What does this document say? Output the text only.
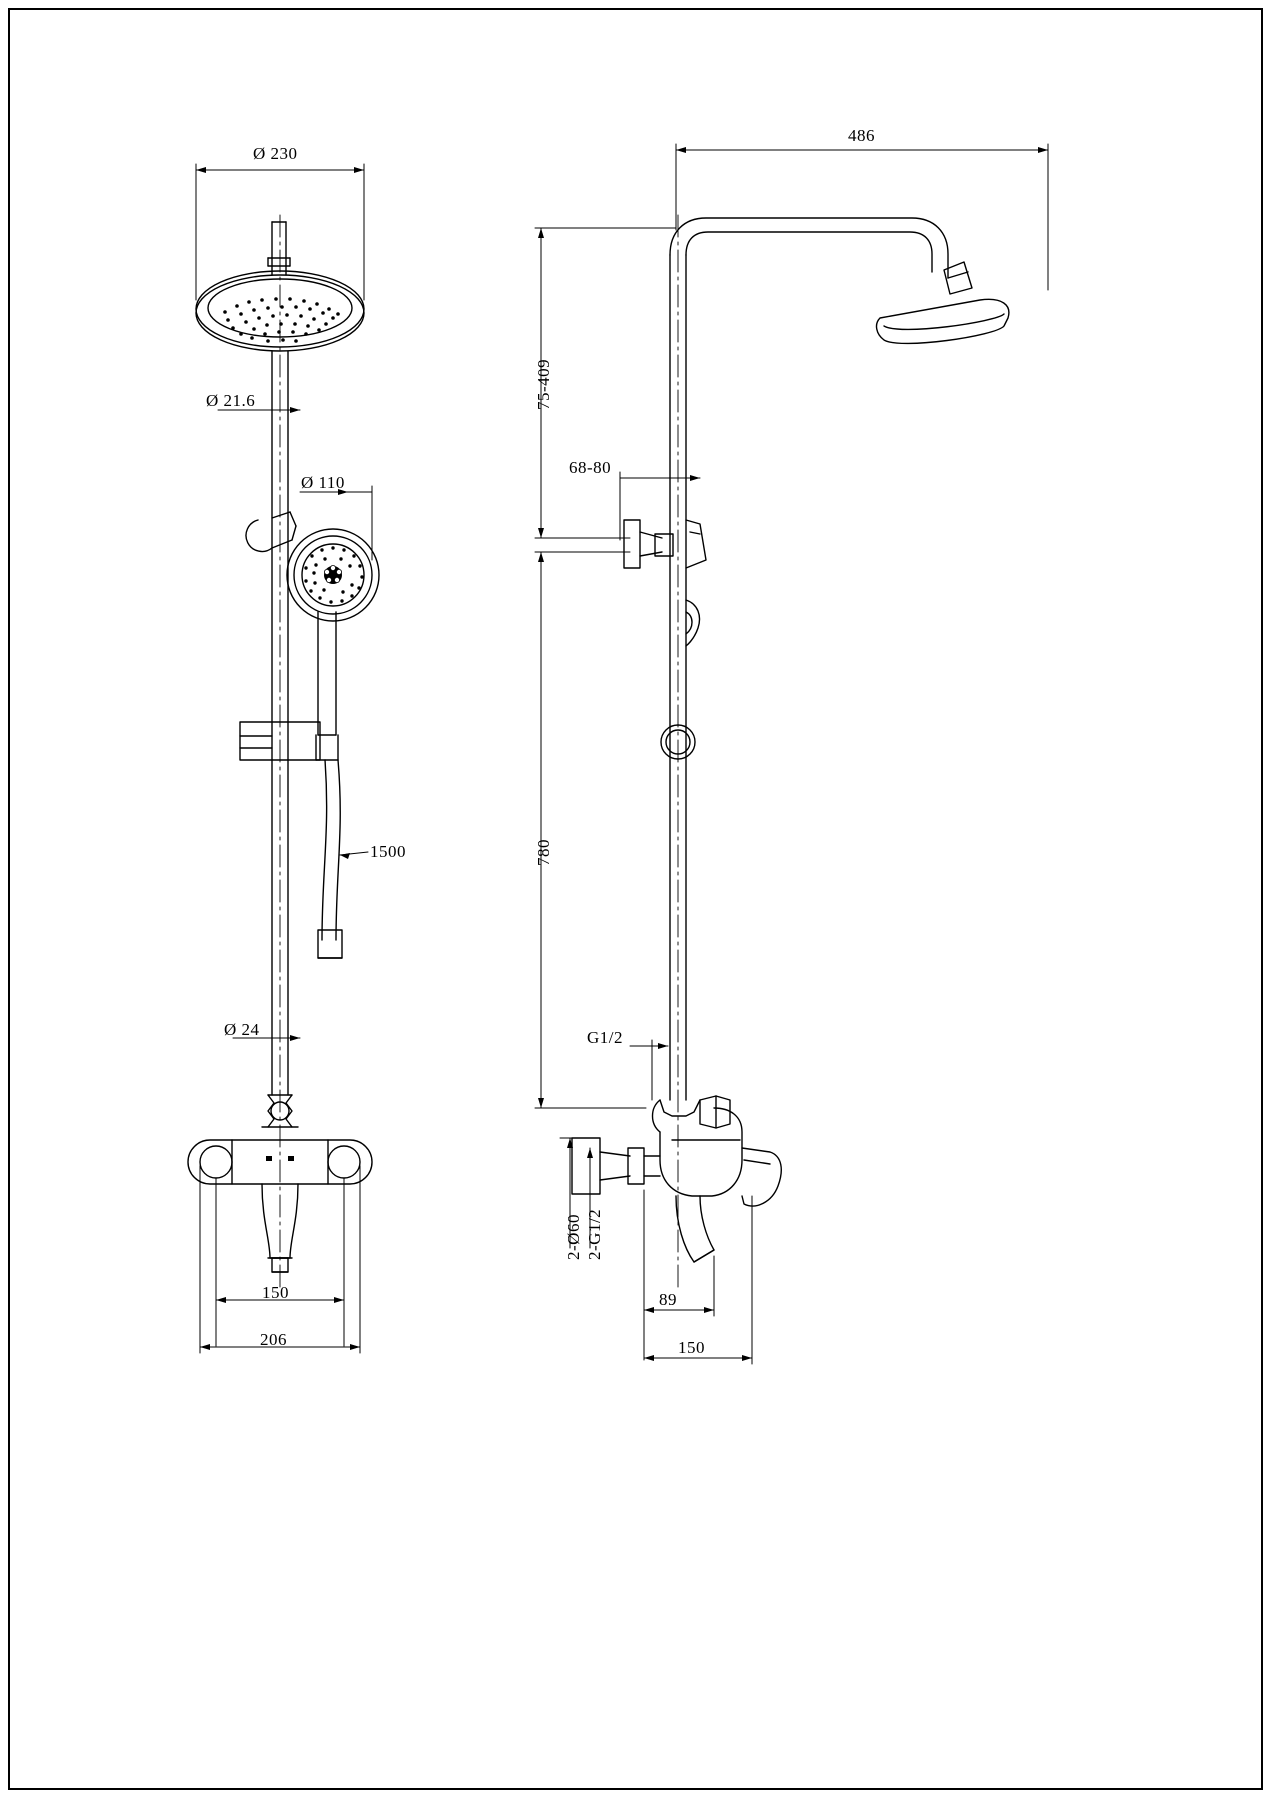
Ø 230
Ø 21.6
Ø 110
1500
Ø 24
150
206
486
75-409
780
68-80
G1/2
2-Ø60 2-G1/2
89
150
